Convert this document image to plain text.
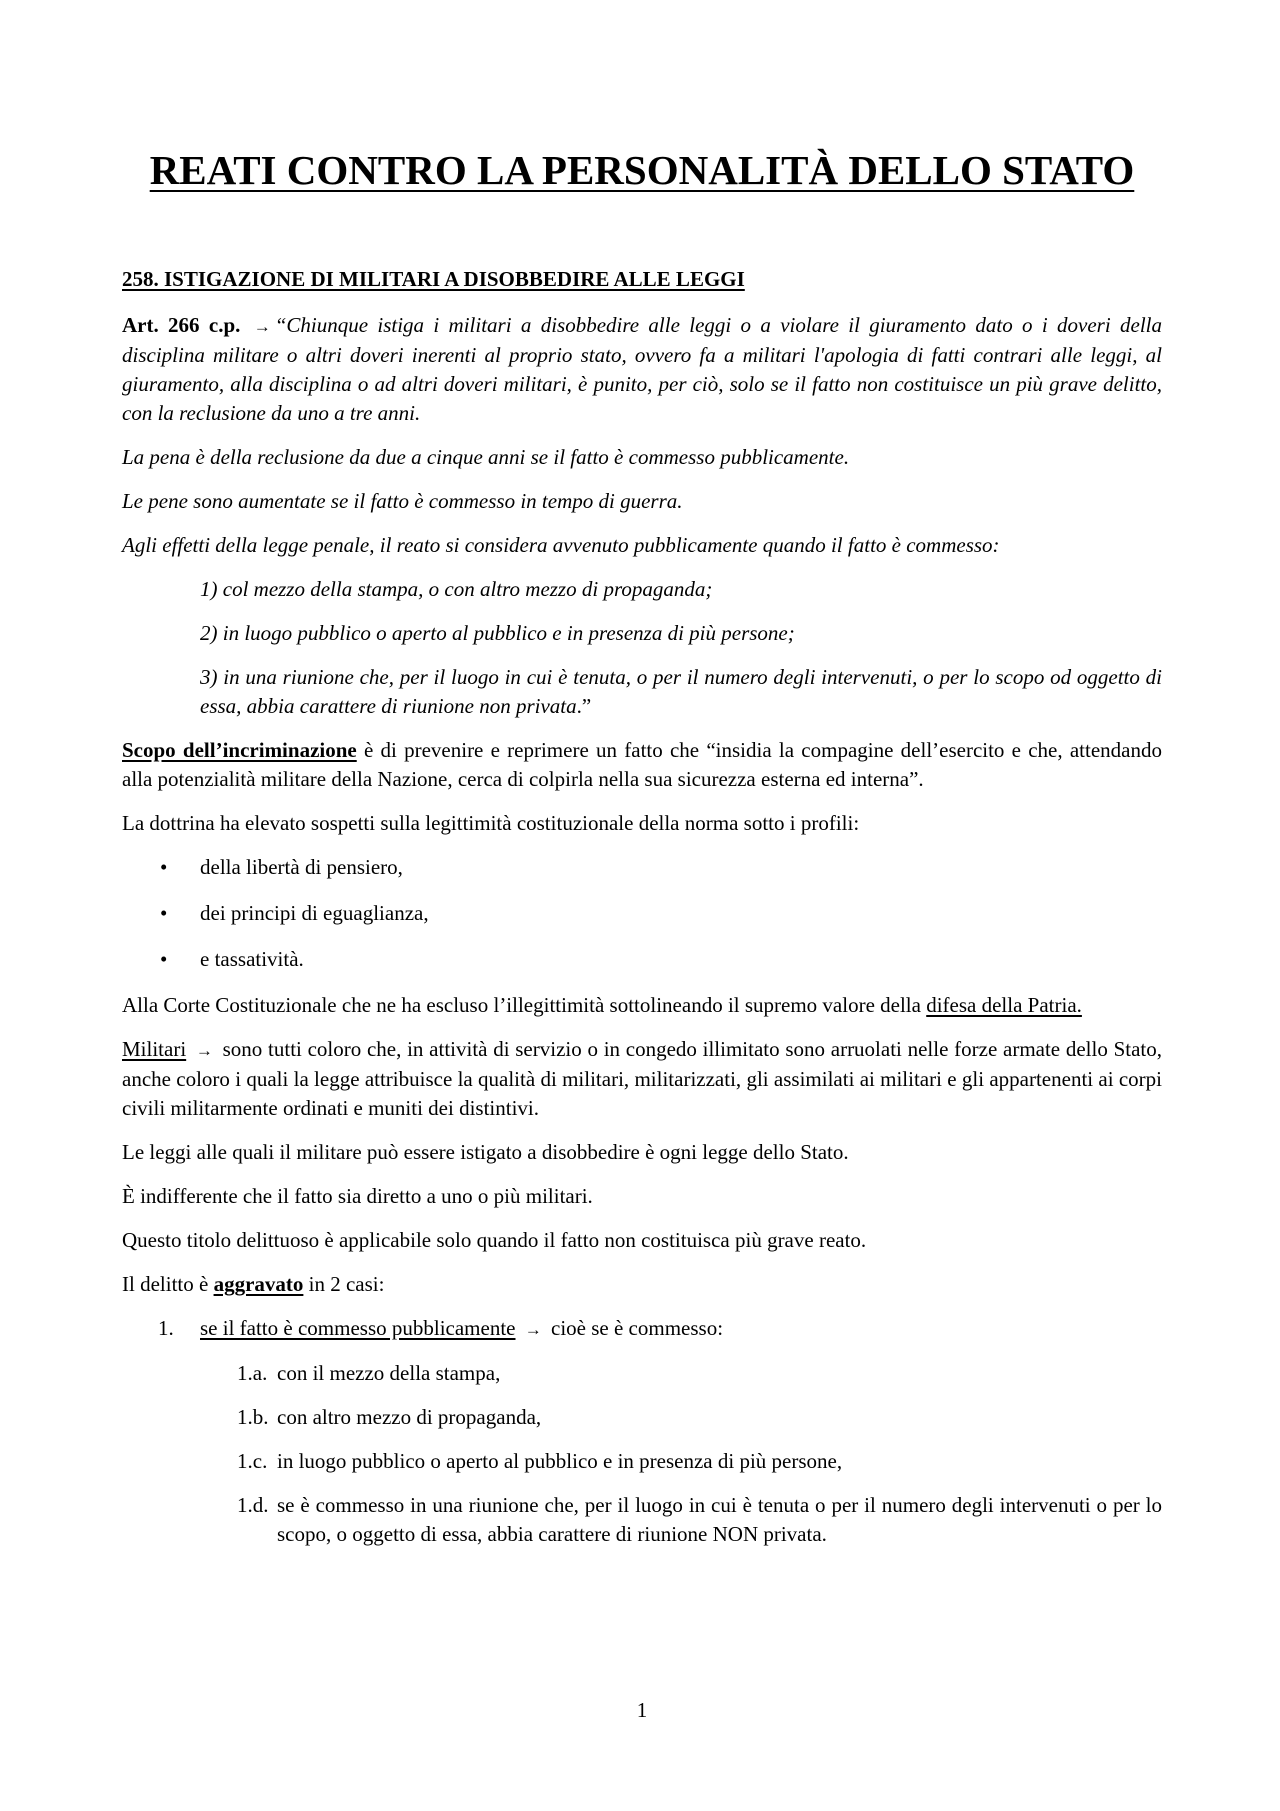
REATI CONTRO LA PERSONALITÀ DELLO STATO
258. ISTIGAZIONE DI MILITARI A DISOBBEDIRE ALLE LEGGI

Art. 266 c.p. → “Chiunque istiga i militari a disobbedire alle leggi o a violare il giuramento dato o i doveri della disciplina militare o altri doveri inerenti al proprio stato, ovvero fa a militari l'apologia di fatti contrari alle leggi, al giuramento, alla disciplina o ad altri doveri militari, è punito, per ciò, solo se il fatto non costituisce un più grave delitto, con la reclusione da uno a tre anni.

La pena è della reclusione da due a cinque anni se il fatto è commesso pubblicamente.

Le pene sono aumentate se il fatto è commesso in tempo di guerra.

Agli effetti della legge penale, il reato si considera avvenuto pubblicamente quando il fatto è commesso:

1) col mezzo della stampa, o con altro mezzo di propaganda;

2) in luogo pubblico o aperto al pubblico e in presenza di più persone;

3) in una riunione che, per il luogo in cui è tenuta, o per il numero degli intervenuti, o per lo scopo od oggetto di essa, abbia carattere di riunione non privata.”

Scopo dell’incriminazione è di prevenire e reprimere un fatto che “insidia la compagine dell’esercito e che, attendando alla potenzialità militare della Nazione, cerca di colpirla nella sua sicurezza esterna ed interna”.

La dottrina ha elevato sospetti sulla legittimità costituzionale della norma sotto i profili:

• della libertà di pensiero,
• dei principi di eguaglianza,
• e tassatività.

Alla Corte Costituzionale che ne ha escluso l’illegittimità sottolineando il supremo valore della difesa della Patria.

Militari → sono tutti coloro che, in attività di servizio o in congedo illimitato sono arruolati nelle forze armate dello Stato, anche coloro i quali la legge attribuisce la qualità di militari, militarizzati, gli assimilati ai militari e gli appartenenti ai corpi civili militarmente ordinati e muniti dei distintivi.

Le leggi alle quali il militare può essere istigato a disobbedire è ogni legge dello Stato.

È indifferente che il fatto sia diretto a uno o più militari.

Questo titolo delittuoso è applicabile solo quando il fatto non costituisca più grave reato.

Il delitto è aggravato in 2 casi:

1. se il fatto è commesso pubblicamente → cioè se è commesso:
1.a. con il mezzo della stampa,
1.b. con altro mezzo di propaganda,
1.c. in luogo pubblico o aperto al pubblico e in presenza di più persone,
1.d. se è commesso in una riunione che, per il luogo in cui è tenuta o per il numero degli intervenuti o per lo scopo, o oggetto di essa, abbia carattere di riunione NON privata.
1
